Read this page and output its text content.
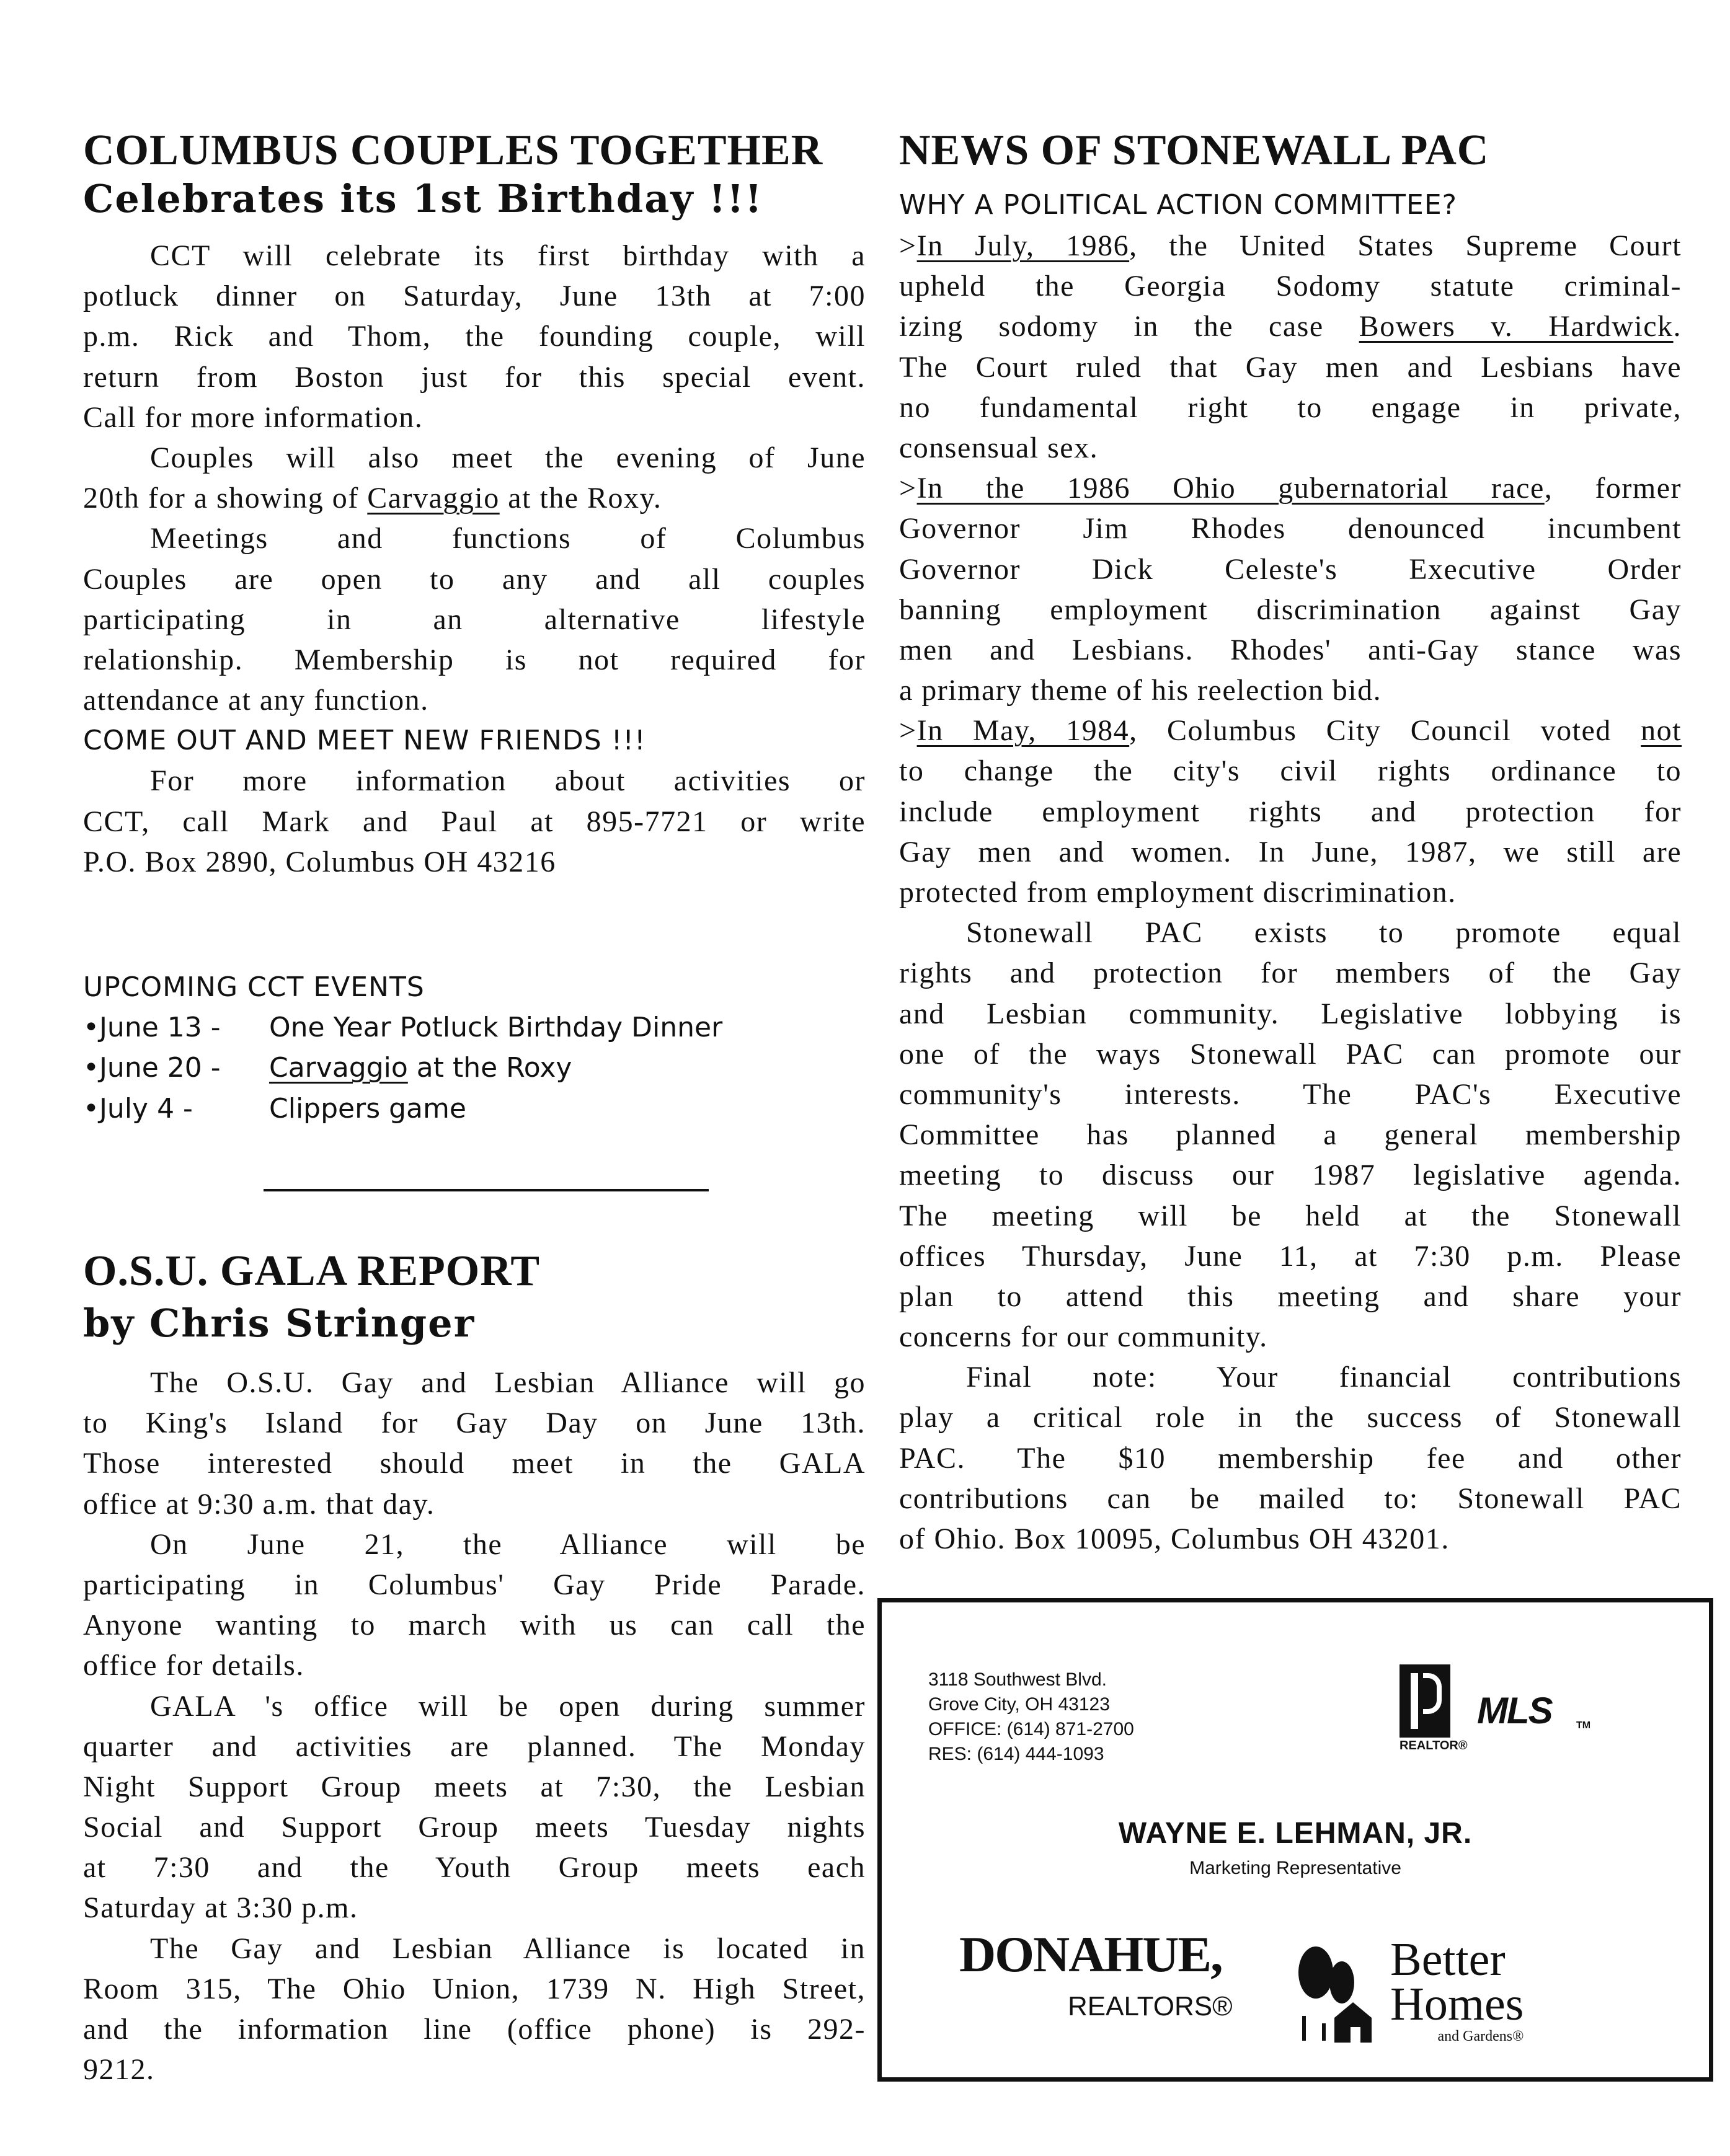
COLUMBUS COUPLES TOGETHER
Celebrates its 1st Birthday !!!
CCT will celebrate its first birthday with a
potluck dinner on Saturday, June 13th at 7:00
p.m. Rick and Thom, the founding couple, will
return from Boston just for this special event.
Call for more information.
Couples will also meet the evening of June
20th for a showing of Carvaggio at the Roxy.
Meetings and functions of Columbus
Couples are open to any and all couples
participating in an alternative lifestyle
relationship. Membership is not required for
attendance at any function.
COME OUT AND MEET NEW FRIENDS !!!
For more information about activities or
CCT, call Mark and Paul at 895-7721 or write
P.O. Box 2890, Columbus OH 43216
UPCOMING CCT EVENTS
•June 13 - One Year Potluck Birthday Dinner
•June 20 - Carvaggio at the Roxy
•July 4 -	Clippers game
O.S.U. GALA REPORT
by Chris Stringer
The O.S.U. Gay and Lesbian Alliance will go
to King's Island for Gay Day on June 13th.
Those interested should meet in the GALA
office at 9:30 a.m. that day.
On June 21, the Alliance will be
participating in Columbus' Gay Pride Parade.
Anyone wanting to march with us can call the
office for details.
GALA 's office will be open during summer
quarter and activities are planned. The Monday
Night Support Group meets at 7:30, the Lesbian
Social and Support Group meets Tuesday nights
at 7:30 and the Youth Group meets each
Saturday at 3:30 p.m.
The Gay and Lesbian Alliance is located in
Room 315, The Ohio Union, 1739 N. High Street,
and the information line (office phone) is 292-
9212.
NEWS OF STONEWALL PAC
WHY A POLITICAL ACTION COMMITTEE?
>In July, 1986, the United States Supreme Court
upheld the Georgia Sodomy statute criminal-
izing sodomy in the case Bowers v. Hardwick.
The Court ruled that Gay men and Lesbians have
no fundamental right to engage in private,
consensual sex.
>In the 1986 Ohio gubernatorial race, former
Governor Jim Rhodes denounced incumbent
Governor Dick Celeste's Executive Order
banning employment discrimination against Gay
men and Lesbians. Rhodes' anti-Gay stance was
a primary theme of his reelection bid.
>In May, 1984, Columbus City Council voted not
to change the city's civil rights ordinance to
include employment rights and protection for
Gay men and women. In June, 1987, we still are
protected from employment discrimination.
Stonewall PAC exists to promote equal
rights and protection for members of the Gay
and Lesbian community. Legislative lobbying is
one of the ways Stonewall PAC can promote our
community's interests. The PAC's Executive
Committee has planned a general membership
meeting to discuss our 1987 legislative agenda.
The meeting will be held at the Stonewall
offices Thursday, June 11, at 7:30 p.m. Please
plan to attend this meeting and share your
concerns for our community.
Final note: Your financial contributions
play a critical role in the success of Stonewall
PAC. The $10 membership fee and other
contributions can be mailed to: Stonewall PAC
of Ohio. Box 10095, Columbus OH 43201.
3118 Southwest Blvd.
Grove City, OH 43123
OFFICE: (614) 871-2700
RES: (614) 444-1093	REALTOR®
MLS TM
WAYNE E. LEHMAN, JR.
Marketing Representative
DONAHUE,
REALTORS®
Better
Homes
and Gardens®
